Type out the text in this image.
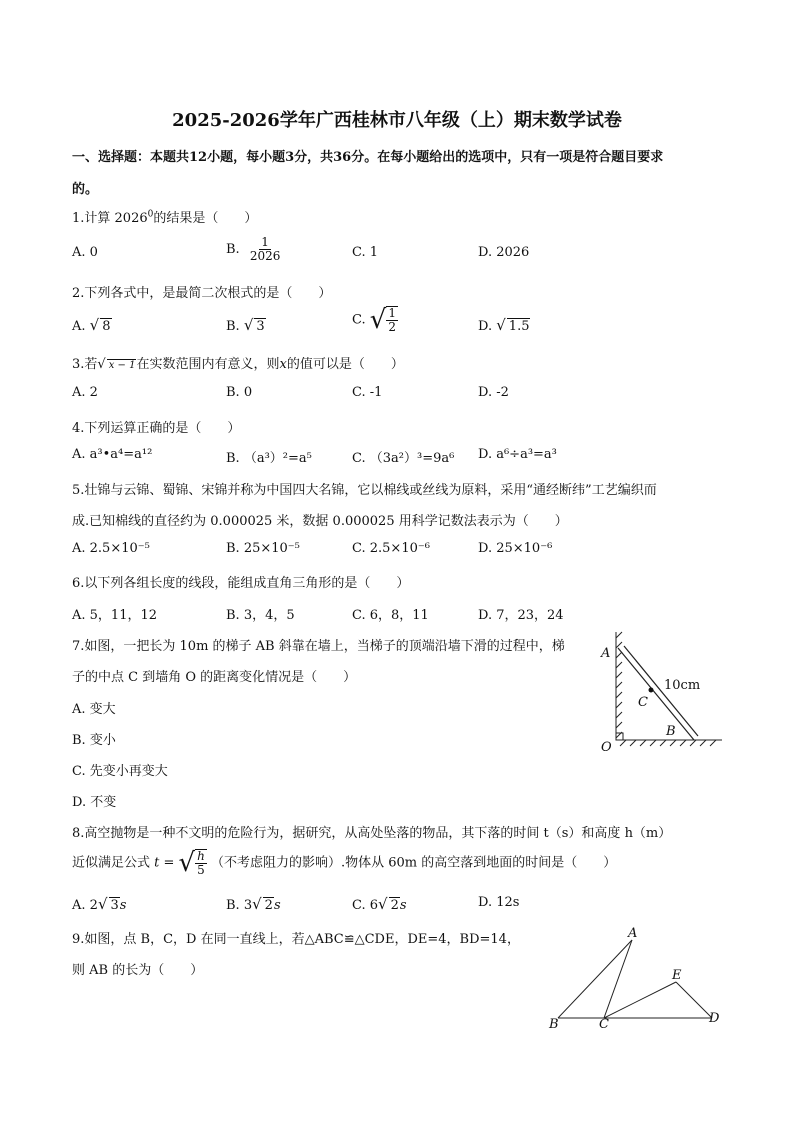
2025-2026学年广西桂林市八年级（上）期末数学试卷
一、选择题：本题共12小题，每小题3分，共36分。在每小题给出的选项中，只有一项是符合题目要求
的。
1.计算 2026$^0$的结果是（　　）
A. 0	B. $\frac{1}{2026}$	C. 1	D. 2026
2.下列各式中，是最简二次根式的是（　　）
A. √ 8	B. √ 3	C. √ $\frac{1}{2}$	D. √ 1.5
3.若√ x − 1在实数范围内有意义，则x的值可以是（　　）
A. 2	B. 0	C. -1	D. -2
4.下列运算正确的是（　　）
A. a³•a⁴=a¹²	B. （a³）²=a⁵	C. （3a²）³=9a⁶ D. a⁶÷a³=a³
5.壮锦与云锦、蜀锦、宋锦并称为中国四大名锦，它以棉线或丝线为原料，采用“通经断纬”工艺编织而
成.已知棉线的直径约为 0.000025 米，数据 0.000025 用科学记数法表示为（　　）
A. 2.5×10⁻⁵	B. 25×10⁻⁵	C. 2.5×10⁻⁶	D. 25×10⁻⁶
6.以下列各组长度的线段，能组成直角三角形的是（　　）
A. 5，11，12	B. 3，4，5	C. 6，8，11	D. 7，23，24
7.如图，一把长为 10m 的梯子 AB 斜靠在墙上，当梯子的顶端沿墙下滑的过程中，梯
子的中点 C 到墙角 O 的距离变化情况是（　　）
A. 变大
B. 变小
C. 先变小再变大
D. 不变
A
C
10cm
B
O
8.高空抛物是一种不文明的危险行为，据研究，从高处坠落的物品，其下落的时间 t（s）和高度 h（m）
近似满足公式 t = √ $\frac{h}{5}$ （不考虑阻力的影响）.物体从 60m 的高空落到地面的时间是（　　）
A. 2√ 3s	B. 3√ 2s	C. 6√ 2s	D. 12s
9.如图，点 B，C，D 在同一直线上，若△ABC≌△CDE，DE=4，BD=14，
则 AB 的长为（　　）
A
E
B	C	D
